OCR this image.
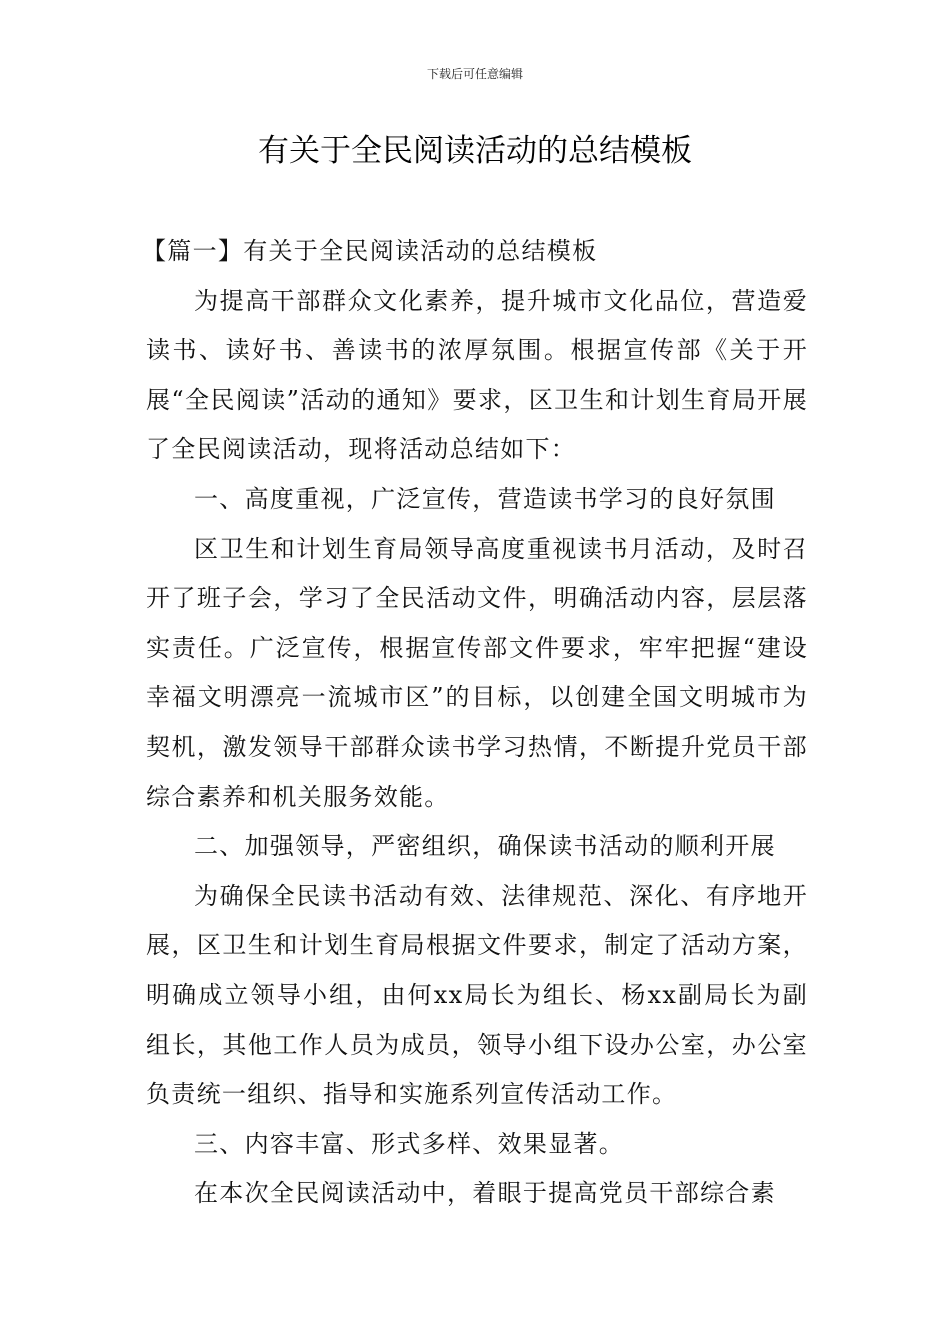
下载后可任意编辑
有关于全民阅读活动的总结模板

【篇一】有关于全民阅读活动的总结模板

为提高干部群众文化素养，提升城市文化品位，营造爱读书、读好书、善读书的浓厚氛围。根据宣传部《关于开展“全民阅读”活动的通知》要求，区卫生和计划生育局开展了全民阅读活动，现将活动总结如下：

一、高度重视，广泛宣传，营造读书学习的良好氛围

区卫生和计划生育局领导高度重视读书月活动，及时召开了班子会，学习了全民活动文件，明确活动内容，层层落实责任。广泛宣传，根据宣传部文件要求，牢牢把握“建设幸福文明漂亮一流城市区”的目标，以创建全国文明城市为契机，激发领导干部群众读书学习热情，不断提升党员干部综合素养和机关服务效能。

二、加强领导，严密组织，确保读书活动的顺利开展

为确保全民读书活动有效、法律规范、深化、有序地开展，区卫生和计划生育局根据文件要求，制定了活动方案，明确成立领导小组，由何xx局长为组长、杨xx副局长为副组长，其他工作人员为成员，领导小组下设办公室，办公室负责统一组织、指导和实施系列宣传活动工作。

三、内容丰富、形式多样、效果显著。

在本次全民阅读活动中，着眼于提高党员干部综合素
